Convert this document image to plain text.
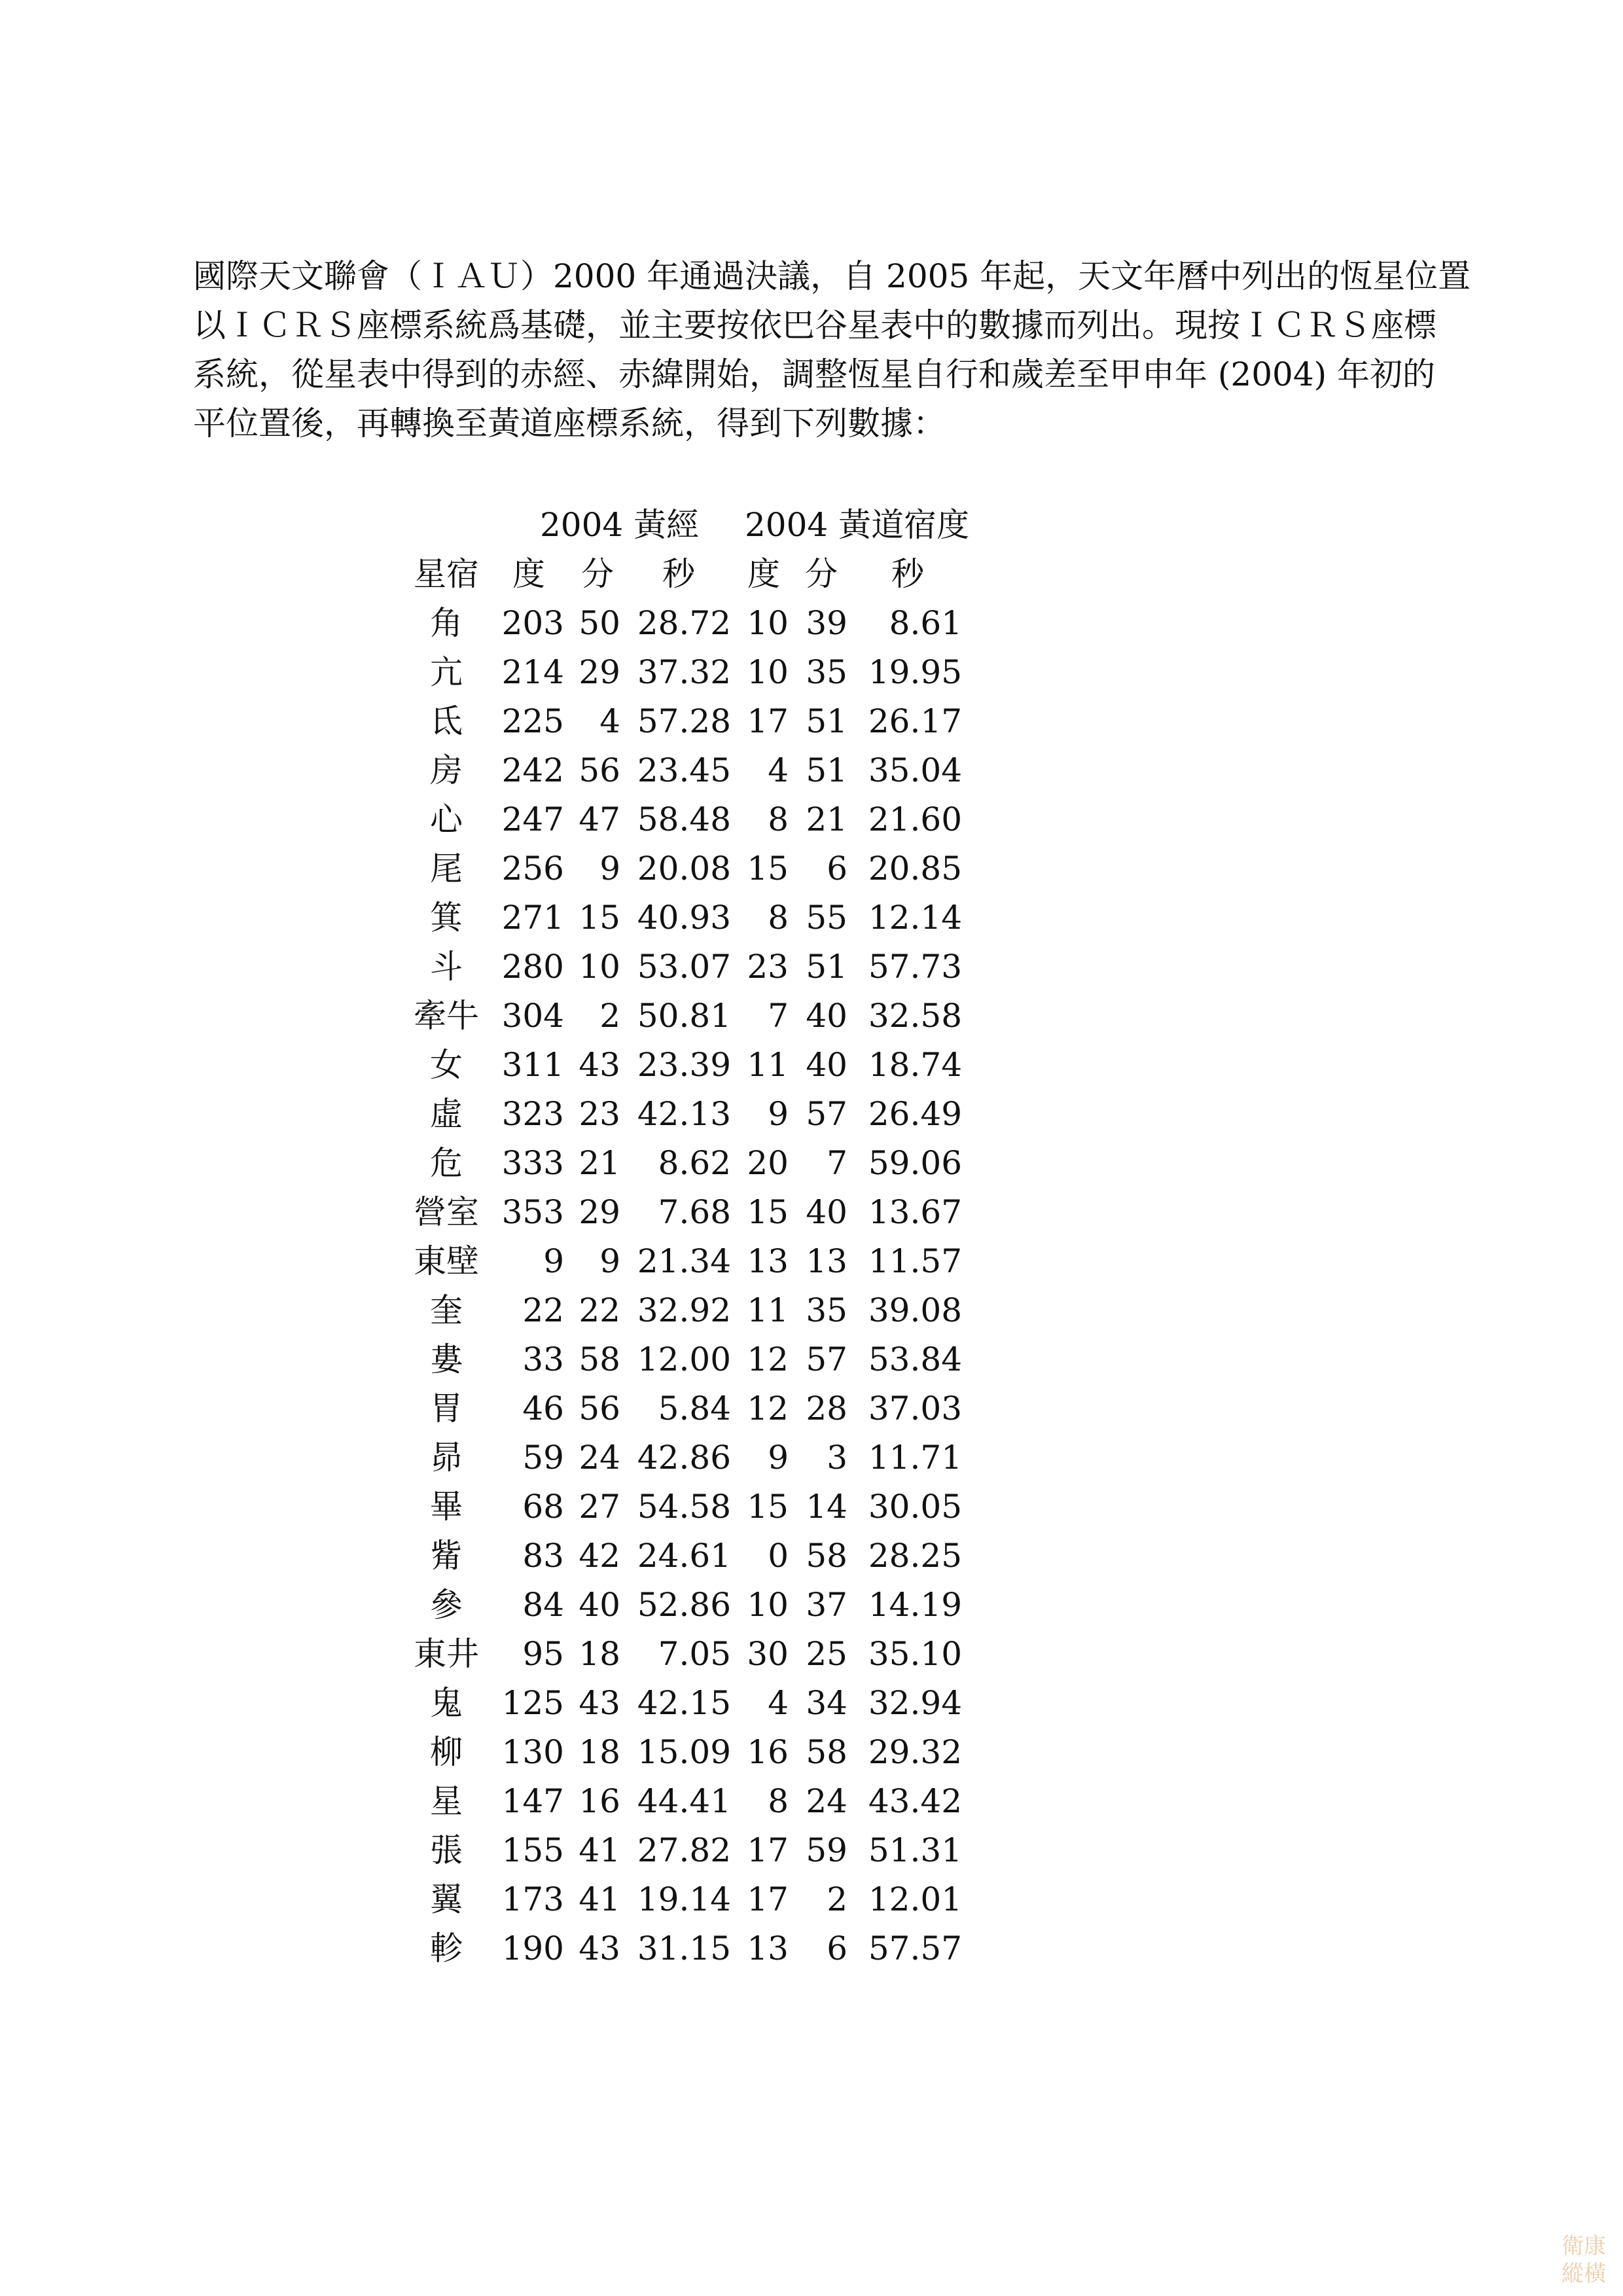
國際天文聯會（ＩＡＵ）2000 年通過決議，自 2005 年起，天文年曆中列出的恆星位置
以ＩＣＲＳ座標系統爲基礎，並主要按依巴谷星表中的數據而列出。現按ＩＣＲＳ座標
系統，從星表中得到的赤經、赤緯開始，調整恆星自行和歲差至甲申年 (2004) 年初的
平位置後，再轉換至黃道座標系統，得到下列數據：
2004 黃經 2004 黃道宿度
星宿 度 分 秒 度 分 秒
角	203 50 28.72 10 39	8.61
亢	214 29 37.32 10 35 19.95
氐	225	4 57.28 17 51 26.17
房	242 56 23.45	4 51 35.04
心	247 47 58.48	8 21 21.60
尾	256	9 20.08 15	6 20.85
箕	271 15 40.93	8 55 12.14
斗	280 10 53.07 23 51 57.73
牽牛 304	2 50.81	7 40 32.58
女	311 43 23.39 11 40 18.74
虛	323 23 42.13	9 57 26.49
危	333 21	8.62 20	7 59.06
營室 353 29	7.68 15 40 13.67
東壁	9	9 21.34 13 13 11.57
奎	22 22 32.92 11 35 39.08
婁	33 58 12.00 12 57 53.84
胃	46 56	5.84 12 28 37.03
昴	59 24 42.86	9	3 11.71
畢	68 27 54.58 15 14 30.05
觜	83 42 24.61	0 58 28.25
參	84 40 52.86 10 37 14.19
東井	95 18	7.05 30 25 35.10
鬼	125 43 42.15	4 34 32.94
柳	130 18 15.09 16 58 29.32
星	147 16 44.41	8 24 43.42
張	155 41 27.82 17 59 51.31
翼	173 41 19.14 17	2 12.01
軫	190 43 31.15 13	6 57.57
衛康
縱橫
